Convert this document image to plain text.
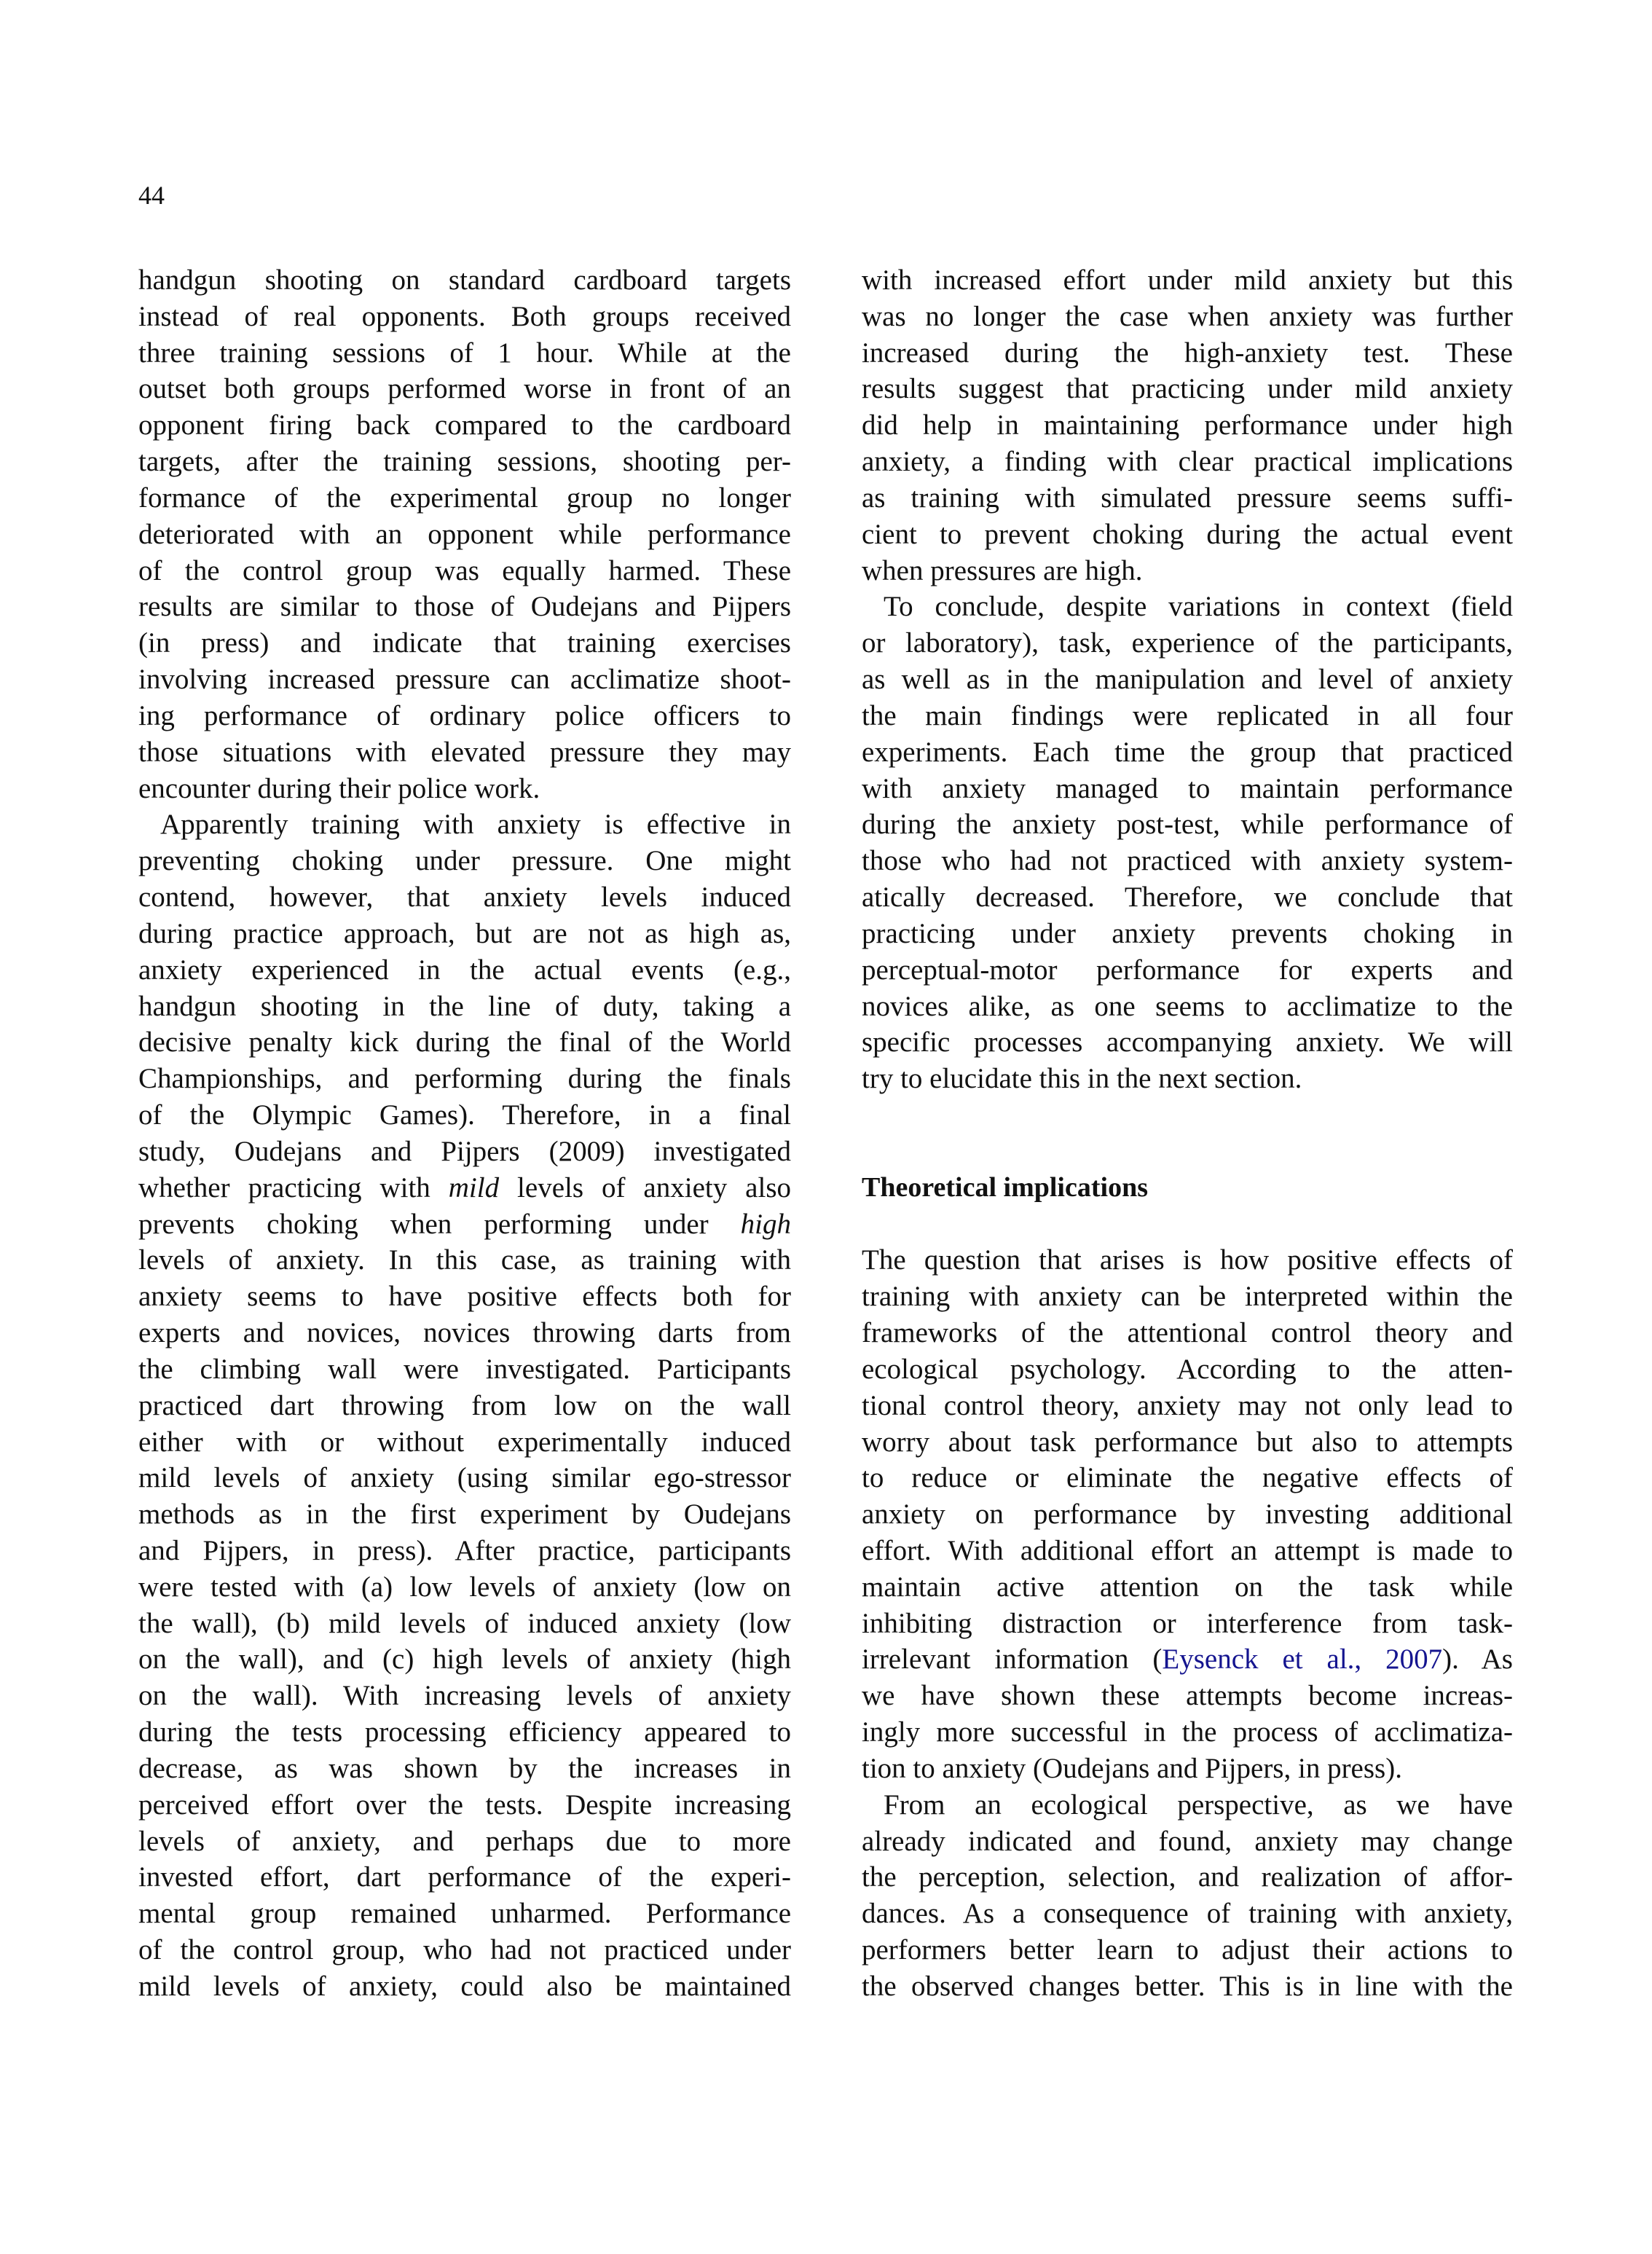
44
handgun shooting on standard cardboard targets
instead of real opponents. Both groups received
three training sessions of 1 hour. While at the
outset both groups performed worse in front of an
opponent firing back compared to the cardboard
targets, after the training sessions, shooting per-
formance of the experimental group no longer
deteriorated with an opponent while performance
of the control group was equally harmed. These
results are similar to those of Oudejans and Pijpers
(in press) and indicate that training exercises
involving increased pressure can acclimatize shoot-
ing performance of ordinary police officers to
those situations with elevated pressure they may
encounter during their police work.
Apparently training with anxiety is effective in
preventing choking under pressure. One might
contend, however, that anxiety levels induced
during practice approach, but are not as high as,
anxiety experienced in the actual events (e.g.,
handgun shooting in the line of duty, taking a
decisive penalty kick during the final of the World
Championships, and performing during the finals
of the Olympic Games). Therefore, in a final
study, Oudejans and Pijpers (2009) investigated
whether practicing with mild levels of anxiety also
prevents choking when performing under high
levels of anxiety. In this case, as training with
anxiety seems to have positive effects both for
experts and novices, novices throwing darts from
the climbing wall were investigated. Participants
practiced dart throwing from low on the wall
either with or without experimentally induced
mild levels of anxiety (using similar ego-stressor
methods as in the first experiment by Oudejans
and Pijpers, in press). After practice, participants
were tested with (a) low levels of anxiety (low on
the wall), (b) mild levels of induced anxiety (low
on the wall), and (c) high levels of anxiety (high
on the wall). With increasing levels of anxiety
during the tests processing efficiency appeared to
decrease, as was shown by the increases in
perceived effort over the tests. Despite increasing
levels of anxiety, and perhaps due to more
invested effort, dart performance of the experi-
mental group remained unharmed. Performance
of the control group, who had not practiced under
mild levels of anxiety, could also be maintained
with increased effort under mild anxiety but this
was no longer the case when anxiety was further
increased during the high-anxiety test. These
results suggest that practicing under mild anxiety
did help in maintaining performance under high
anxiety, a finding with clear practical implications
as training with simulated pressure seems suffi-
cient to prevent choking during the actual event
when pressures are high.
To conclude, despite variations in context (field
or laboratory), task, experience of the participants,
as well as in the manipulation and level of anxiety
the main findings were replicated in all four
experiments. Each time the group that practiced
with anxiety managed to maintain performance
during the anxiety post-test, while performance of
those who had not practiced with anxiety system-
atically decreased. Therefore, we conclude that
practicing under anxiety prevents choking in
perceptual-motor performance for experts and
novices alike, as one seems to acclimatize to the
specific processes accompanying anxiety. We will
try to elucidate this in the next section.
Theoretical implications
The question that arises is how positive effects of
training with anxiety can be interpreted within the
frameworks of the attentional control theory and
ecological psychology. According to the atten-
tional control theory, anxiety may not only lead to
worry about task performance but also to attempts
to reduce or eliminate the negative effects of
anxiety on performance by investing additional
effort. With additional effort an attempt is made to
maintain active attention on the task while
inhibiting distraction or interference from task-
irrelevant information (Eysenck et al., 2007). As
we have shown these attempts become increas-
ingly more successful in the process of acclimatiza-
tion to anxiety (Oudejans and Pijpers, in press).
From an ecological perspective, as we have
already indicated and found, anxiety may change
the perception, selection, and realization of affor-
dances. As a consequence of training with anxiety,
performers better learn to adjust their actions to
the observed changes better. This is in line with the
